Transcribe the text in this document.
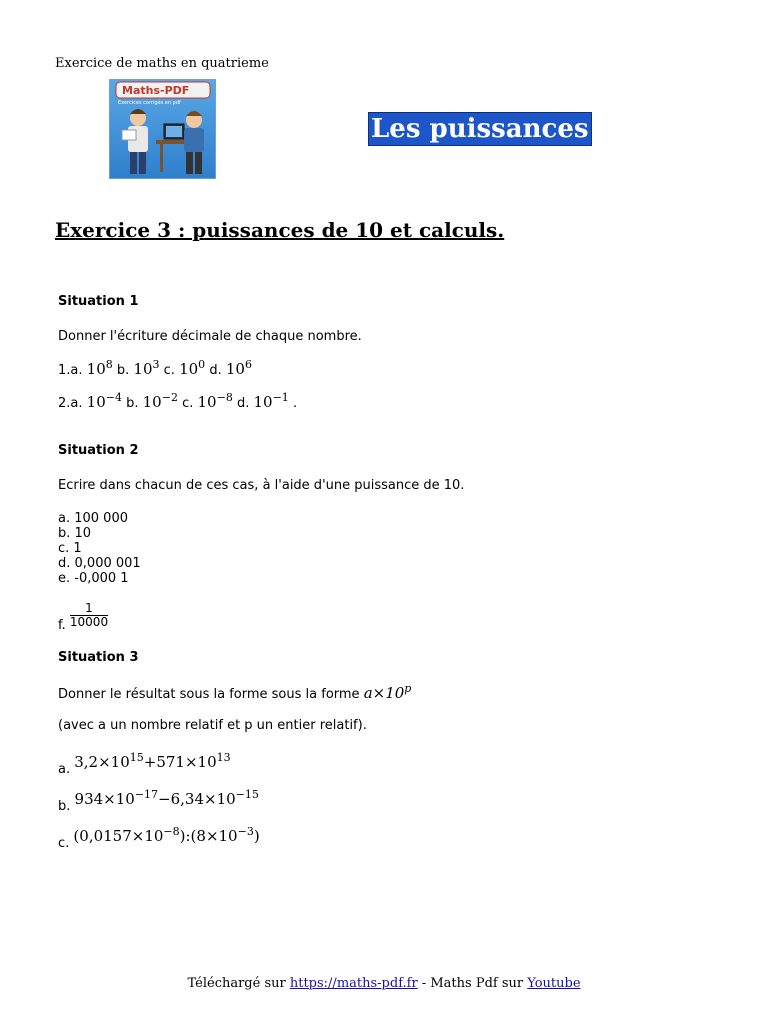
Exercice de maths en quatrieme
Maths-PDF
Exercices corrigés en pdf
Les puissances
Exercice 3 : puissances de 10 et calculs.
Situation 1
Donner l'écriture décimale de chaque nombre.
1.a. $10^8$ b. $10^3$ c. $10^0$ d. $10^6$
2.a. $10^{-4}$ b. $10^{-2}$ c. $10^{-8}$ d. $10^{-1}$ .
Situation 2
Ecrire dans chacun de ces cas, à l'aide d'une puissance de 10.
a. 100 000
b. 10
c. 1
d. 0,000 001
e. -0,000 1
f. $\frac{1}{10000}$
Situation 3
Donner le résultat sous la forme sous la forme $a\times 10^p$
(avec a un nombre relatif et p un entier relatif).
a. $3,2\times 10^{15}+571\times 10^{13}$
b. $934\times 10^{-17}-6,34\times 10^{-15}$
c. $(0,0157\times 10^{-8}):(8\times 10^{-3})$
Téléchargé sur https://maths-pdf.fr - Maths Pdf sur Youtube
